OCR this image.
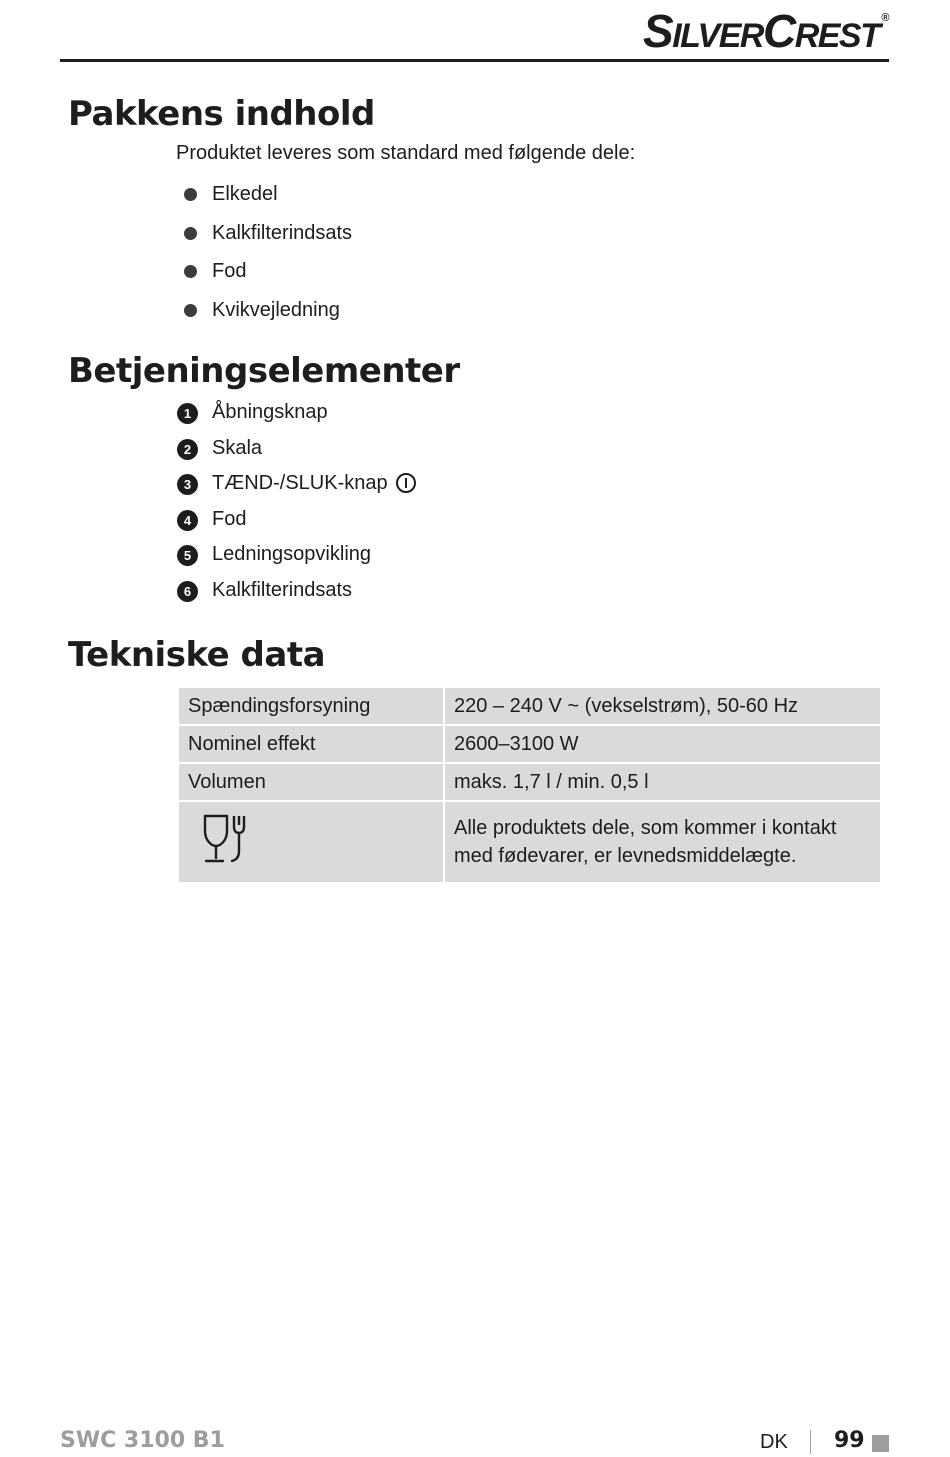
SILVERCREST ®
Pakkens indhold
Produktet leveres som standard med følgende dele:
Elkedel
Kalkfilterindsats
Fod
Kvikvejledning
Betjeningselementer
1	Åbningsknap
2	Skala
3	TÆND-/SLUK-knap
4	Fod
5	Ledningsopvikling
6	Kalkfilterindsats
Tekniske data
Spændingsforsyning	220 – 240 V ~ (vekselstrøm), 50-60 Hz
Nominel effekt	2600–3100 W
Volumen	maks. 1,7 l / min. 0,5 l
	Alle produktets dele, som kommer i kontakt med fødevarer, er levnedsmiddelægte.
SWC 3100 B1	DK 99
